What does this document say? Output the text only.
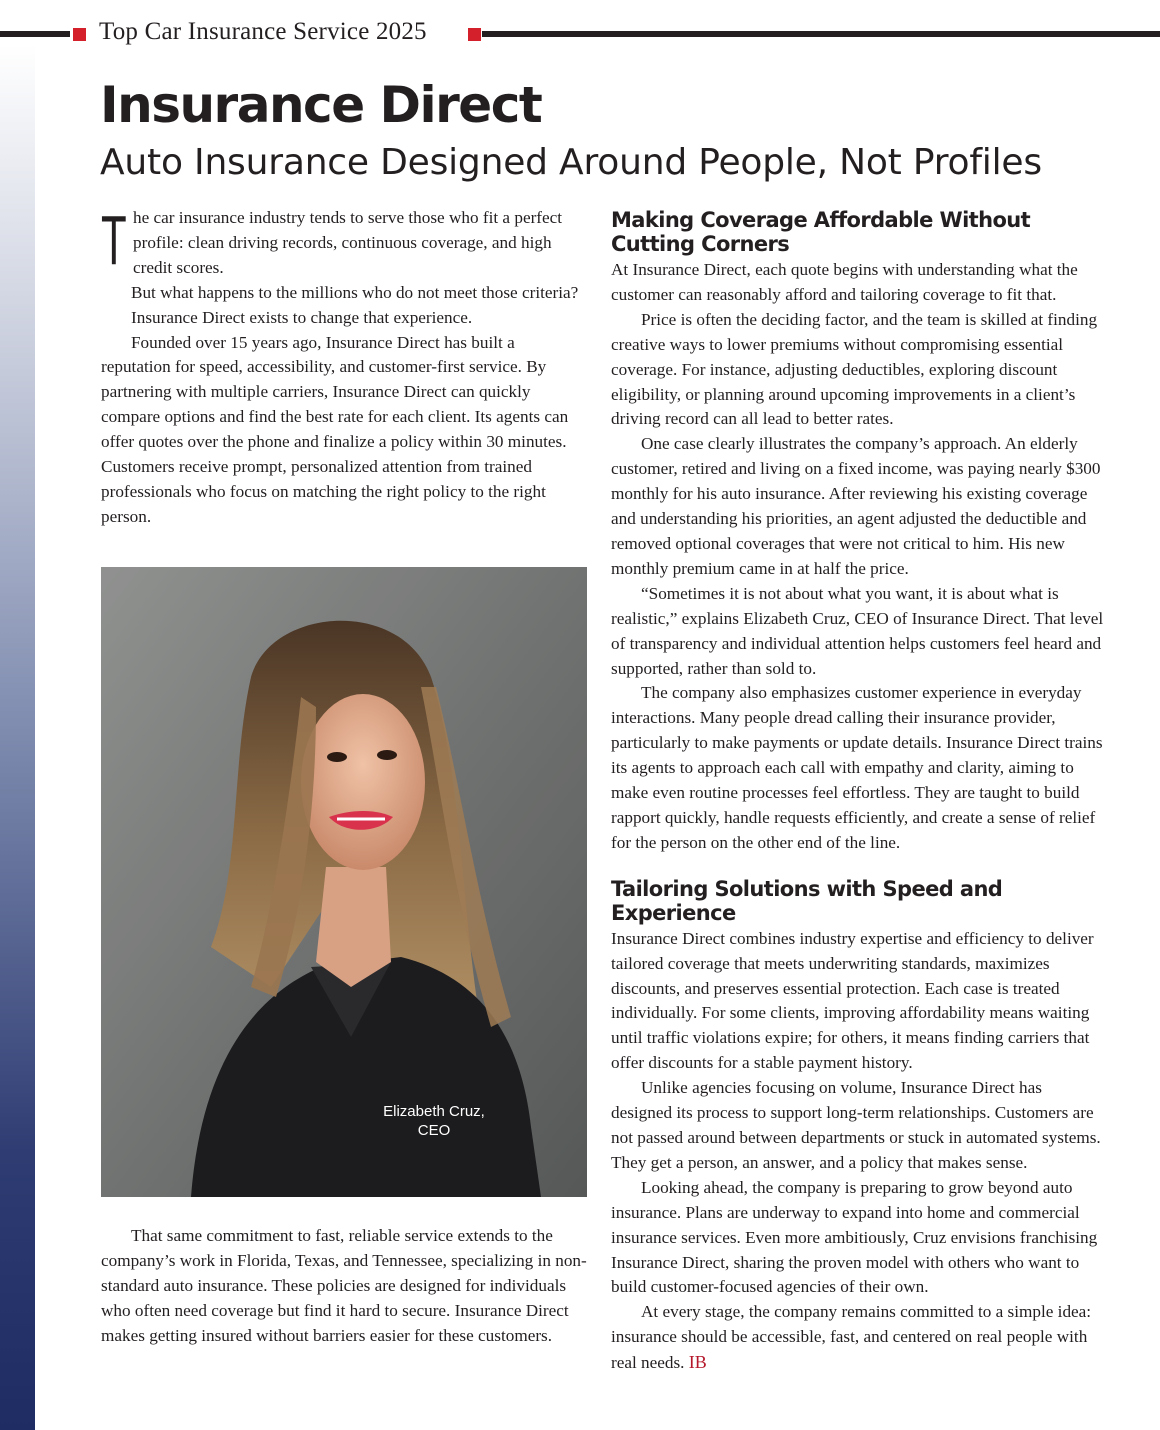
Top Car Insurance Service 2025
Insurance Direct
Auto Insurance Designed Around People, Not Profiles

The car insurance industry tends to serve those who fit a perfect profile: clean driving records, continuous coverage, and high credit scores.

But what happens to the millions who do not meet those criteria?

Insurance Direct exists to change that experience.

Founded over 15 years ago, Insurance Direct has built a reputation for speed, accessibility, and customer-first service. By partnering with multiple carriers, Insurance Direct can quickly compare options and find the best rate for each client. Its agents can offer quotes over the phone and finalize a policy within 30 minutes. Customers receive prompt, personalized attention from trained professionals who focus on matching the right policy to the right person.

Elizabeth Cruz,
CEO

That same commitment to fast, reliable service extends to the company’s work in Florida, Texas, and Tennessee, specializing in non-standard auto insurance. These policies are designed for individuals who often need coverage but find it hard to secure. Insurance Direct makes getting insured without barriers easier for these customers.

Making Coverage Affordable Without Cutting Corners

At Insurance Direct, each quote begins with understanding what the customer can reasonably afford and tailoring coverage to fit that.

Price is often the deciding factor, and the team is skilled at finding creative ways to lower premiums without compromising essential coverage. For instance, adjusting deductibles, exploring discount eligibility, or planning around upcoming improvements in a client’s driving record can all lead to better rates.

One case clearly illustrates the company’s approach. An elderly customer, retired and living on a fixed income, was paying nearly $300 monthly for his auto insurance. After reviewing his existing coverage and understanding his priorities, an agent adjusted the deductible and removed optional coverages that were not critical to him. His new monthly premium came in at half the price.

“Sometimes it is not about what you want, it is about what is realistic,” explains Elizabeth Cruz, CEO of Insurance Direct. That level of transparency and individual attention helps customers feel heard and supported, rather than sold to.

The company also emphasizes customer experience in everyday interactions. Many people dread calling their insurance provider, particularly to make payments or update details. Insurance Direct trains its agents to approach each call with empathy and clarity, aiming to make even routine processes feel effortless. They are taught to build rapport quickly, handle requests efficiently, and create a sense of relief for the person on the other end of the line.

Tailoring Solutions with Speed and Experience

Insurance Direct combines industry expertise and efficiency to deliver tailored coverage that meets underwriting standards, maximizes discounts, and preserves essential protection. Each case is treated individually. For some clients, improving affordability means waiting until traffic violations expire; for others, it means finding carriers that offer discounts for a stable payment history.

Unlike agencies focusing on volume, Insurance Direct has designed its process to support long-term relationships. Customers are not passed around between departments or stuck in automated systems. They get a person, an answer, and a policy that makes sense.

Looking ahead, the company is preparing to grow beyond auto insurance. Plans are underway to expand into home and commercial insurance services. Even more ambitiously, Cruz envisions franchising Insurance Direct, sharing the proven model with others who want to build customer-focused agencies of their own.

At every stage, the company remains committed to a simple idea: insurance should be accessible, fast, and centered on real people with real needs. IB
